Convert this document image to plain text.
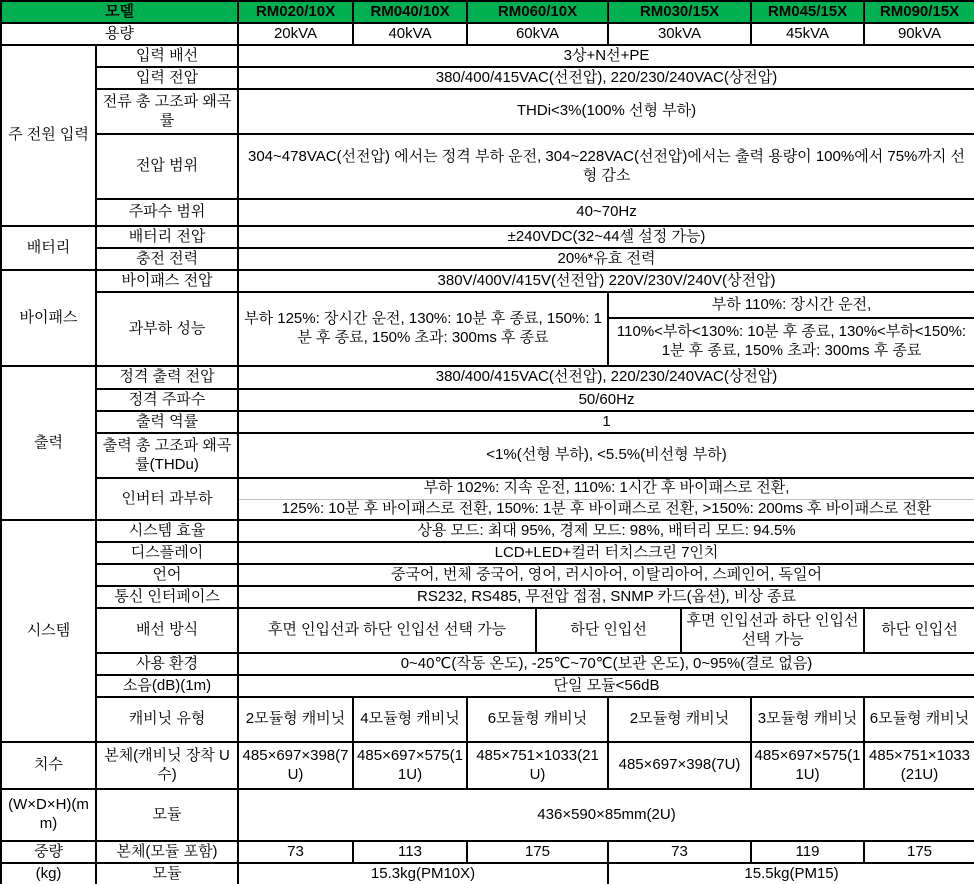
모델		RM020/10X	RM040/10X	RM060/10X		RM030/15X		RM045/15X	RM090/15X
용량		20kVA	40kVA	60kVA		30kVA		45kVA	90kVA
주 전원 입력	입력 배선	3상+N선+PE							
	입력 전압	380/400/415VAC(선전압), 220/230/240VAC(상전압)							
	전류 총 고조파 왜곡률	THDi<3%(100% 선형 부하)							
	전압 범위	304~478VAC(선전압) 에서는 정격 부하 운전, 304~228VAC(선전압)에서는 출력 용량이 100%에서 75%까지 선형 감소							
	주파수 범위	40~70Hz							
배터리	배터리 전압	±240VDC(32~44셀 설정 가능)							
	충전 전력	20%*유효 전력							
바이패스	바이패스 전압	380V/400V/415V(선전압) 220V/230V/240V(상전압)							
	과부하 성능	부하 125%: 장시간 운전, 130%: 10분 후 종료, 150%: 1분 후 종료, 150% 초과: 300ms 후 종료				부하 110%: 장시간 운전,			
						110%<부하<130%: 10분 후 종료, 130%<부하<150%: 1분 후 종료, 150% 초과: 300ms 후 종료			
출력	정격 출력 전압	380/400/415VAC(선전압), 220/230/240VAC(상전압)							
	정격 주파수	50/60Hz							
	출력 역률	1							
	출력 총 고조파 왜곡률(THDu)	<1%(선형 부하), <5.5%(비선형 부하)							
	인버터 과부하	부하 102%: 지속 운전, 110%: 1시간 후 바이패스로 전환,							
		125%: 10분 후 바이패스로 전환, 150%: 1분 후 바이패스로 전환, >150%: 200ms 후 바이패스로 전환							
시스템	시스템 효율	상용 모드: 최대 95%, 경제 모드: 98%, 배터리 모드: 94.5%							
	디스플레이	LCD+LED+컬러 터치스크린 7인치							
	언어	중국어, 번체 중국어, 영어, 러시아어, 이탈리아어, 스페인어, 독일어							
	통신 인터페이스	RS232, RS485, 무전압 접점, SNMP 카드(옵션), 비상 종료							
	배선 방식	후면 인입선과 하단 인입선 선택 가능			하단 인입선		후면 인입선과 하단 인입선 선택 가능		하단 인입선
	사용 환경	0~40℃(작동 온도), -25℃~70℃(보관 온도), 0~95%(결로 없음)							
	소음(dB)(1m)	단일 모듈<56dB							
	캐비닛 유형	2모듈형 캐비닛	4모듈형 캐비닛	6모듈형 캐비닛		2모듈형 캐비닛		3모듈형 캐비닛	6모듈형 캐비닛
치수	본체(캐비닛 장착 U수)	485×697×398(7U)	485×697×575(11U)	485×751×1033(21U)		485×697×398(7U)		485×697×575(11U)	485×751×1033(21U)
(W×D×H)(mm)	모듈	436×590×85mm(2U)							
중량	본체(모듈 포함)	73	113	175		73		119	175
(kg)	모듈	15.3kg(PM10X)				15.5kg(PM15)			
